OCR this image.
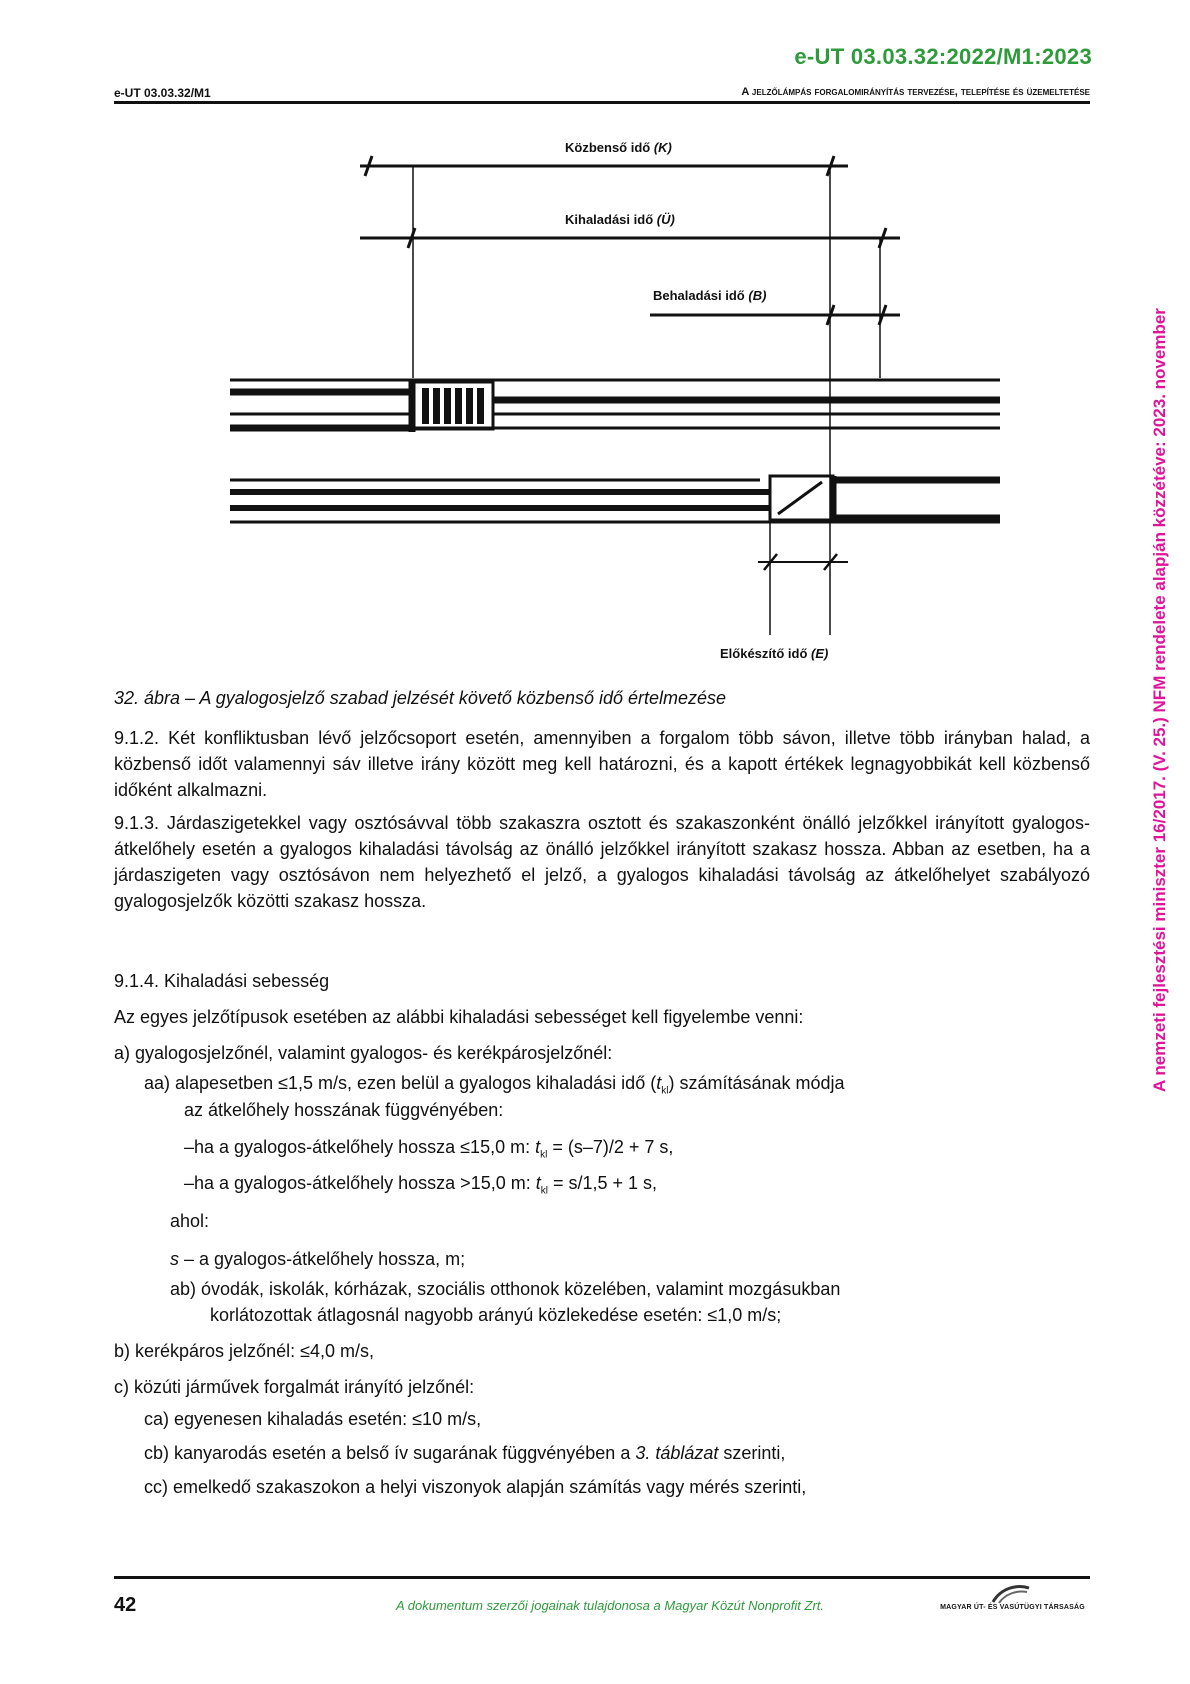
e-UT 03.03.32:2022/M1:2023
e-UT 03.03.32/M1	A jelzőlámpás forgalomirányítás tervezése, telepítése és üzemeltetése
A nemzeti fejlesztési miniszter 16/2017. (V. 25.) NFM rendelete alapján közzétéve: 2023. november
Közbenső idő (K)
Kihaladási idő (Ü)
Behaladási idő (B)
Előkészítő idő (E)
32. ábra – A gyalogosjelző szabad jelzését követő közbenső idő értelmezése
9.1.2. Két konfliktusban lévő jelzőcsoport esetén, amennyiben a forgalom több sávon, illetve több irányban halad, a közbenső időt valamennyi sáv illetve irány között meg kell határozni, és a kapott értékek legnagyobbikát kell közbenső időként alkalmazni.
9.1.3. Járdaszigetekkel vagy osztósávval több szakaszra osztott és szakaszonként önálló jelzőkkel irányított gyalogos-átkelőhely esetén a gyalogos kihaladási távolság az önálló jelzőkkel irányított szakasz hossza. Abban az esetben, ha a járdaszigeten vagy osztósávon nem helyezhető el jelző, a gyalogos kihaladási távolság az átkelőhelyet szabályozó gyalogosjelzők közötti szakasz hossza.
9.1.4. Kihaladási sebesség
Az egyes jelzőtípusok esetében az alábbi kihaladási sebességet kell figyelembe venni:
a) gyalogosjelzőnél, valamint gyalogos- és kerékpárosjelzőnél:
aa) alapesetben ≤1,5 m/s, ezen belül a gyalogos kihaladási idő $(t_{kl})$ számításának módja
az átkelőhely hosszának függvényében:
–ha a gyalogos-átkelőhely hossza ≤15,0 m: $t_{kl} = (s-7)/2 + 7$ s,
–ha a gyalogos-átkelőhely hossza >15,0 m: $t_{kl} = s/1,5 + 1$ s,
ahol:
s – a gyalogos-átkelőhely hossza, m;
ab) óvodák, iskolák, kórházak, szociális otthonok közelében, valamint mozgásukban
korlátozottak átlagosnál nagyobb arányú közlekedése esetén: ≤1,0 m/s;
b) kerékpáros jelzőnél: ≤4,0 m/s,
c) közúti járművek forgalmát irányító jelzőnél:
ca) egyenesen kihaladás esetén: ≤10 m/s,
cb) kanyarodás esetén a belső ív sugarának függvényében a 3. táblázat szerinti,
cc) emelkedő szakaszokon a helyi viszonyok alapján számítás vagy mérés szerinti,
42	A dokumentum szerzői jogainak tulajdonosa a Magyar Közút Nonprofit Zrt.	MAGYAR ÚT- ÉS VASÚTÜGYI TÁRSASÁG
